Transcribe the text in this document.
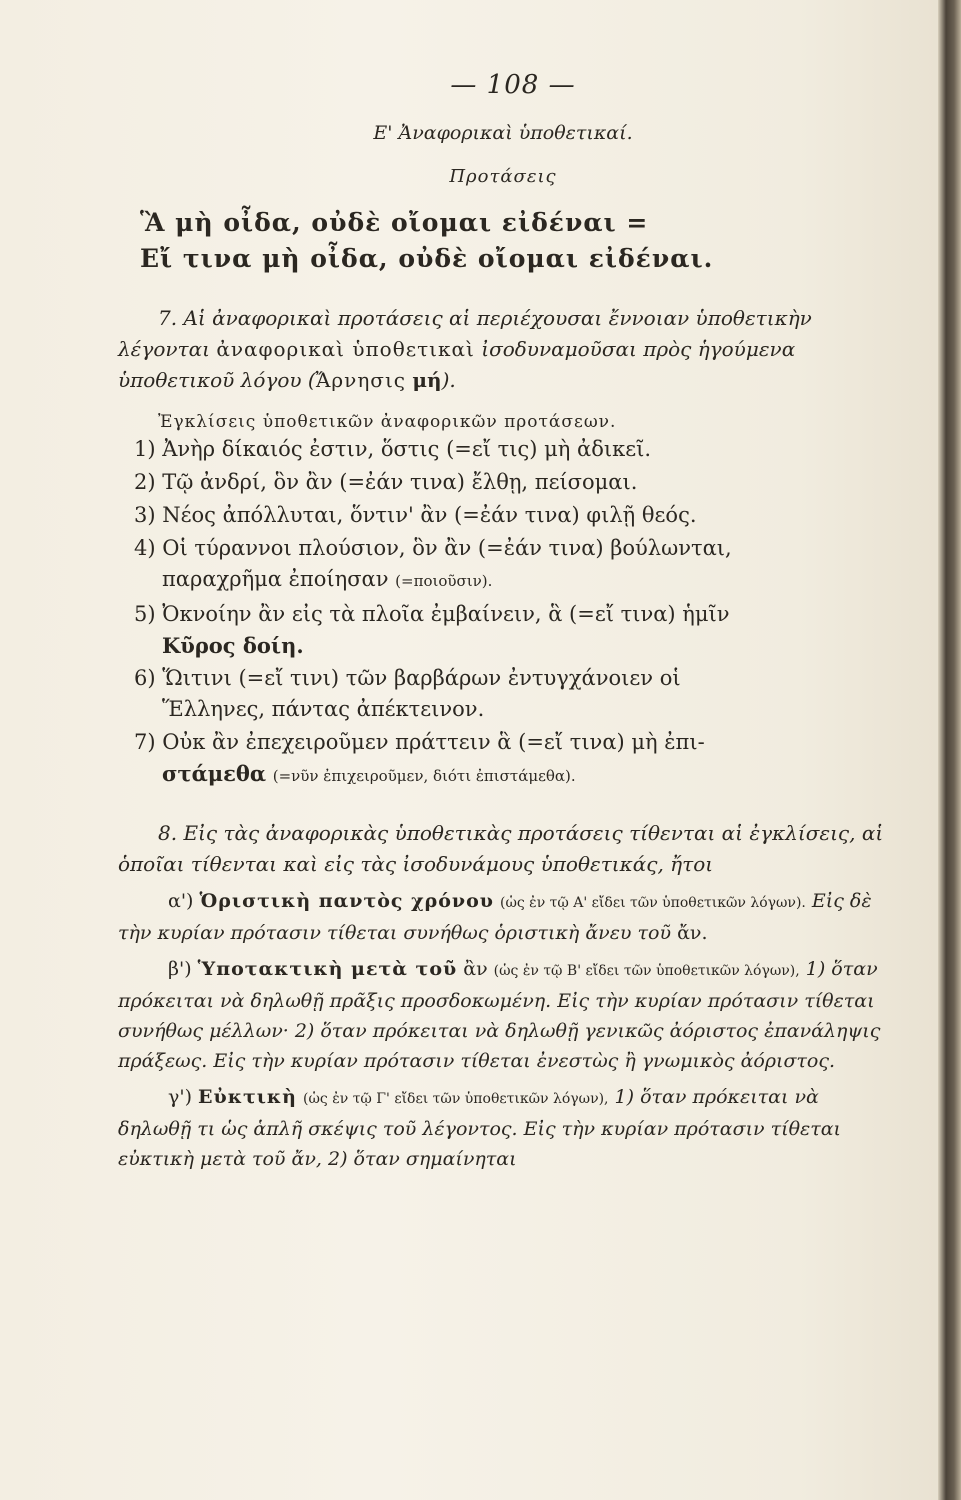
— 108 —
Ε' Ἀναφορικαὶ ὑποθετικαί.
Προτάσεις
Ἃ μὴ οἶδα, οὐδὲ οἴομαι εἰδέναι =
Εἴ τινα μὴ οἶδα, οὐδὲ οἴομαι εἰδέναι.
7. Αἱ ἀναφορικαὶ προτάσεις αἱ περιέχουσαι ἔννοιαν ὑποθετικὴν λέγονται ἀναφορικαὶ ὑποθετικαὶ ἰσοδυναμοῦσαι πρὸς ἡγούμενα ὑποθετικοῦ λόγου (Ἄρνησις μή).
Ἐγκλίσεις ὑποθετικῶν ἀναφορικῶν προτάσεων.
1) Ἀνὴρ δίκαιός ἐστιν, ὅστις (=εἴ τις) μὴ ἀδικεῖ.
2) Τῷ ἀνδρί, ὃν ἂν (=ἐάν τινα) ἔλθῃ, πείσομαι.
3) Νέος ἀπόλλυται, ὅντιν' ἂν (=ἐάν τινα) φιλῇ θεός.
4) Οἱ τύραννοι πλούσιον, ὃν ἂν (=ἐάν τινα) βούλωνται,
παραχρῆμα ἐποίησαν (=ποιοῦσιν).
5) Ὀκνοίην ἂν εἰς τὰ πλοῖα ἐμβαίνειν, ἃ (=εἴ τινα) ἡμῖν
Κῦρος δοίη.
6) Ὥιτινι (=εἴ τινι) τῶν βαρβάρων ἐντυγχάνοιεν οἱ
Ἕλληνες, πάντας ἀπέκτεινον.
7) Οὐκ ἂν ἐπεχειροῦμεν πράττειν ἃ (=εἴ τινα) μὴ ἐπι-
στάμεθα (=νῦν ἐπιχειροῦμεν, διότι ἐπιστάμεθα).
8. Εἰς τὰς ἀναφορικὰς ὑποθετικὰς προτάσεις τίθενται αἱ ἐγκλίσεις, αἱ ὁποῖαι τίθενται καὶ εἰς τὰς ἰσοδυνάμους ὑποθετικάς, ἤτοι
α') Ὁριστικὴ παντὸς χρόνου (ὡς ἐν τῷ Α' εἴδει τῶν ὑποθετικῶν λόγων). Εἰς δὲ τὴν κυρίαν πρότασιν τίθεται συνήθως ὁριστικὴ ἄνευ τοῦ ἄν.
β') Ὑποτακτικὴ μετὰ τοῦ ἂν (ὡς ἐν τῷ Β' εἴδει τῶν ὑποθετικῶν λόγων), 1) ὅταν πρόκειται νὰ δηλωθῇ πρᾶξις προσδοκωμένη. Εἰς τὴν κυρίαν πρότασιν τίθεται συνήθως μέλλων· 2) ὅταν πρόκειται νὰ δηλωθῇ γενικῶς ἀόριστος ἐπανάληψις πράξεως. Εἰς τὴν κυρίαν πρότασιν τίθεται ἐνεστὼς ἢ γνωμικὸς ἀόριστος.
γ') Εὐκτικὴ (ὡς ἐν τῷ Γ' εἴδει τῶν ὑποθετικῶν λόγων), 1) ὅταν πρόκειται νὰ δηλωθῇ τι ὡς ἁπλῆ σκέψις τοῦ λέγοντος. Εἰς τὴν κυρίαν πρότασιν τίθεται εὐκτικὴ μετὰ τοῦ ἄν, 2) ὅταν σημαίνηται
